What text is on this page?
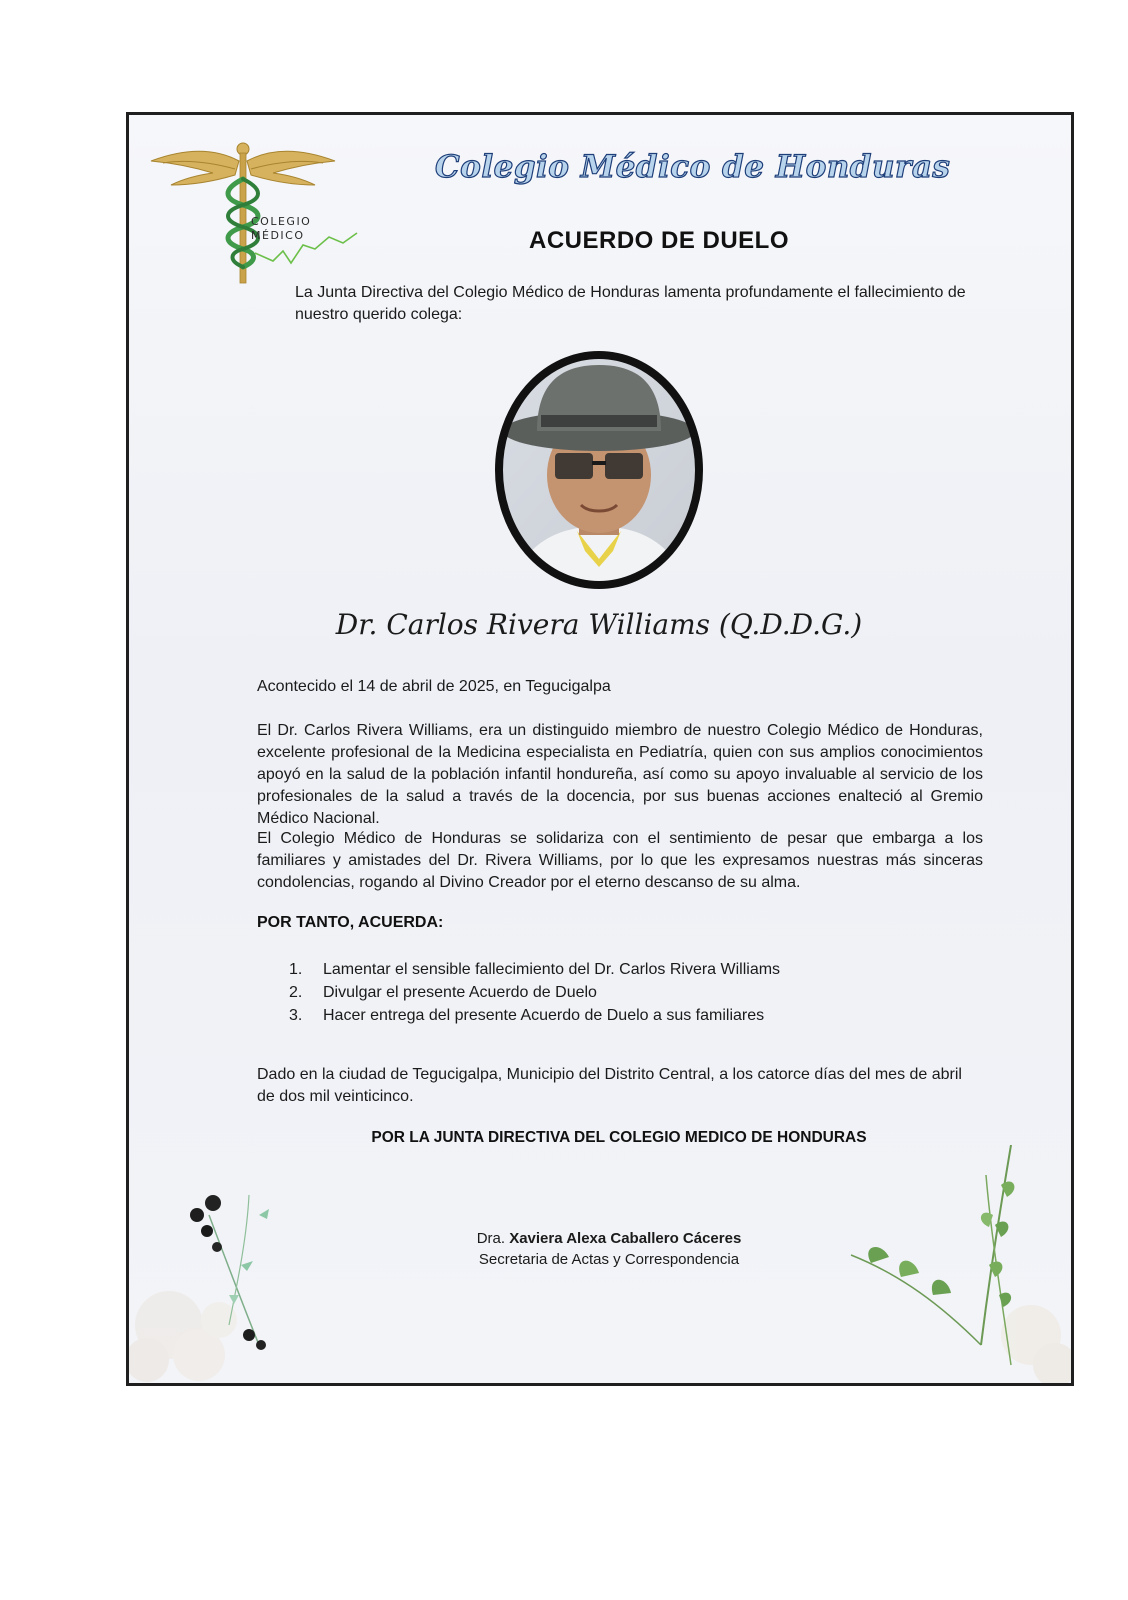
COLEGIO
MÉDICO
Colegio Médico de Honduras
ACUERDO DE DUELO
La Junta Directiva del Colegio Médico de Honduras lamenta profundamente el fallecimiento de nuestro querido colega:
Dr. Carlos Rivera Williams (Q.D.D.G.)
Acontecido el 14 de abril de 2025, en Tegucigalpa
El Dr. Carlos Rivera Williams, era un distinguido miembro de nuestro Colegio Médico de Honduras, excelente profesional de la Medicina especialista en Pediatría, quien con sus amplios conocimientos apoyó en la salud de la población infantil hondureña, así como su apoyo invaluable al servicio de los profesionales de la salud a través de la docencia, por sus buenas acciones enalteció al Gremio Médico Nacional.
El Colegio Médico de Honduras se solidariza con el sentimiento de pesar que embarga a los familiares y amistades del Dr. Rivera Williams, por lo que les expresamos nuestras más sinceras condolencias, rogando al Divino Creador por el eterno descanso de su alma.
POR TANTO, ACUERDA:
1. Lamentar el sensible fallecimiento del Dr. Carlos Rivera Williams
2. Divulgar el presente Acuerdo de Duelo
3. Hacer entrega del presente Acuerdo de Duelo a sus familiares
Dado en la ciudad de Tegucigalpa, Municipio del Distrito Central, a los catorce días del mes de abril de dos mil veinticinco.
POR LA JUNTA DIRECTIVA DEL COLEGIO MEDICO DE HONDURAS
Dra. Xaviera Alexa Caballero Cáceres
Secretaria de Actas y Correspondencia
